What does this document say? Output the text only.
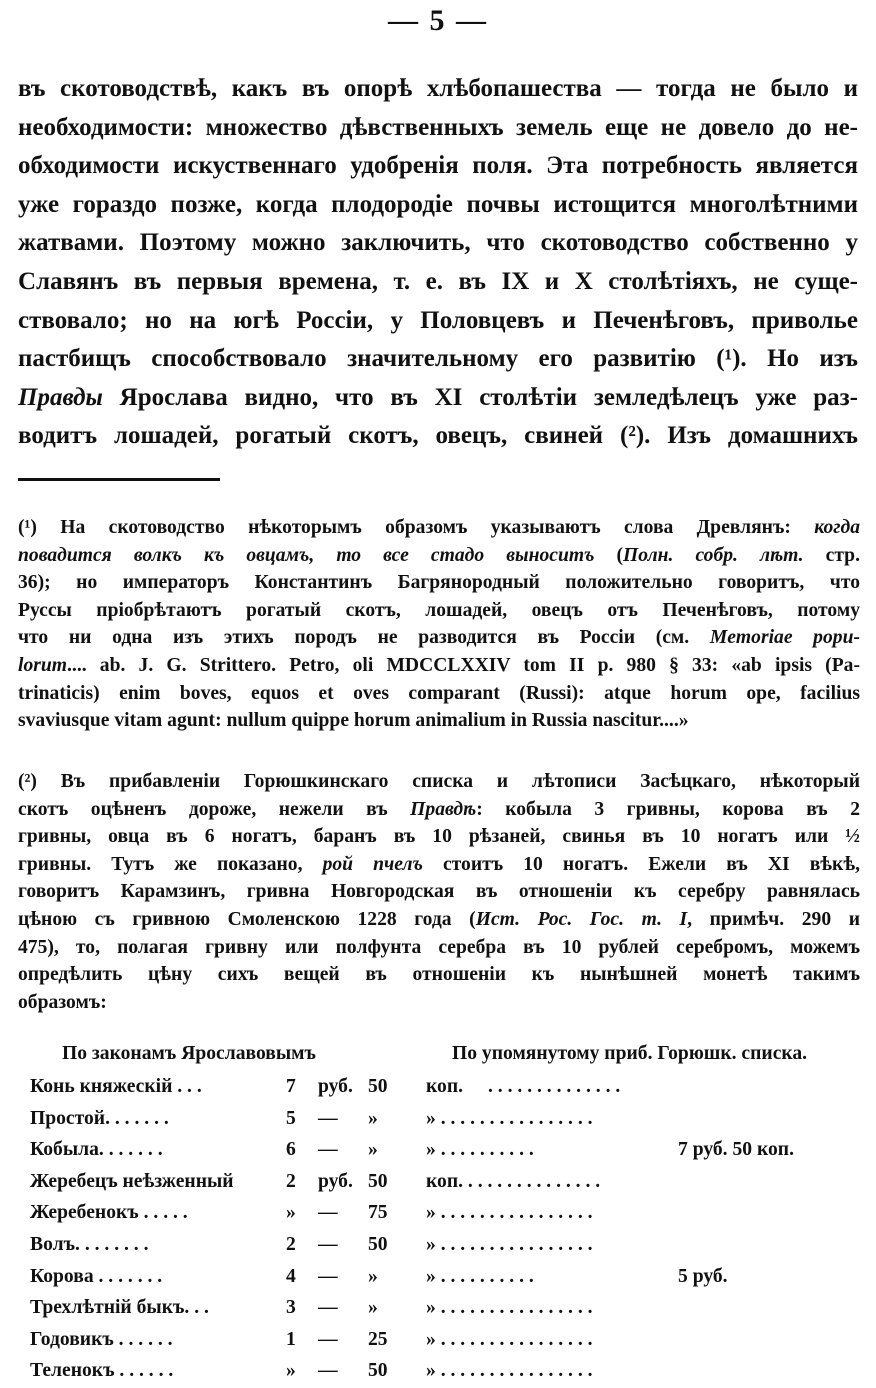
— 5 —
въ скотоводствѣ, какъ въ опорѣ хлѣбопашества — тогда не было и
необходимости: множество дѣвственныхъ земель еще не довело до не-
обходимости искуственнаго удобренія поля. Эта потребность является
уже гораздо позже, когда плодородіе почвы истощится многолѣтними
жатвами. Поэтому можно заключить, что скотоводство собственно у
Славянъ въ первыя времена, т. е. въ IX и X столѣтіяхъ, не суще-
ствовало; но на югѣ Россіи, у Половцевъ и Печенѣговъ, приволье
пастбищъ способствовало значительному его развитію (¹). Но изъ
Правды Ярослава видно, что въ XI столѣтіи земледѣлецъ уже раз-
водитъ лошадей, рогатый скотъ, овецъ, свиней (²). Изъ домашнихъ
(¹) На скотоводство нѣкоторымъ образомъ указываютъ слова Древлянъ: когда
повадится волкъ къ овцамъ, то все стадо выноситъ (Полн. собр. лѣт. стр.
36); но императоръ Константинъ Багрянородный положительно говоритъ, что
Руссы пріобрѣтаютъ рогатый скотъ, лошадей, овецъ отъ Печенѣговъ, потому
что ни одна изъ этихъ породъ не разводится въ Россіи (см. Memoriae popu-
lorum.... ab. J. G. Strittero. Petro, oli MDCCLXXIV tom II p. 980 § 33: «ab ipsis (Pa-
trinaticis) enim boves, equos et oves comparant (Russi): atque horum ope, facilius
svaviusque vitam agunt: nullum quippe horum animalium in Russia nascitur....»
(²) Въ прибавленіи Горюшкинскаго списка и лѣтописи Засѣцкаго, нѣкоторый
скотъ оцѣненъ дороже, нежели въ Правдѣ: кобыла 3 гривны, корова въ 2
гривны, овца въ 6 ногатъ, баранъ въ 10 рѣзаней, свинья въ 10 ногатъ или ½
гривны. Тутъ же показано, рой пчелъ стоитъ 10 ногатъ. Ежели въ XI вѣкѣ,
говоритъ Карамзинъ, гривна Новгородская въ отношеніи къ серебру равнялась
цѣною съ гривною Смоленскою 1228 года (Ист. Рос. Гос. т. I, примѣч. 290 и
475), то, полагая гривну или полфунта серебра въ 10 рублей серебромъ, можемъ
опредѣлить цѣну сихъ вещей въ отношеніи къ нынѣшней монетѣ такимъ
образомъ:
По законамъ Ярославовымъ	По упомянутому приб. Горюшк. списка.
Конь княжескій . . .	7 руб. 50 коп. . . . . . . . . . . . . . .
Простой. . . . . . .	5 — » » . . . . . . . . . . . . . . . .
Кобыла. . . . . . .	6 — » » . . . . . . . . . .	7 руб. 50 коп.
Жеребецъ неѣзженный	2 руб. 50 коп. . . . . . . . . . . . . . .
Жеребенокъ . . . . .	» — 75 » . . . . . . . . . . . . . . . .
Волъ. . . . . . . .	2 — 50 » . . . . . . . . . . . . . . . .
Корова . . . . . . .	4 — » » . . . . . . . . . .	5 руб.
Трехлѣтній быкъ. . .	3 — » » . . . . . . . . . . . . . . . .
Годовикъ . . . . . .	1 — 25 » . . . . . . . . . . . . . . . .
Теленокъ . . . . . .	» — 50 » . . . . . . . . . . . . . . . .
